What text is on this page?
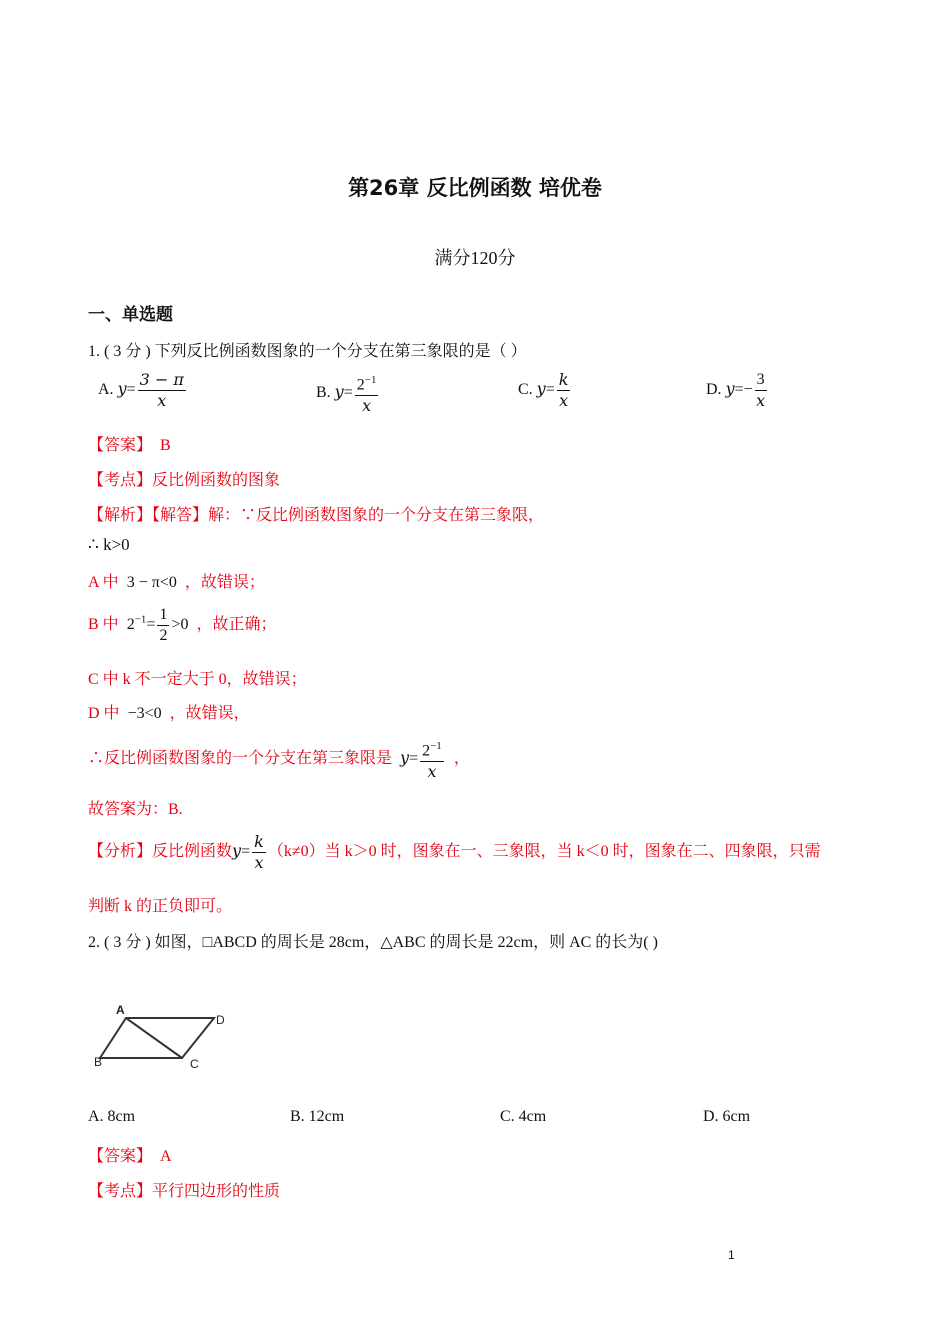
第26章 反比例函数 培优卷
满分120分
一、单选题
1. ( 3 分 ) 下列反比例函数图象的一个分支在第三象限的是（ ）
A. $y= \frac{3 - \pi}{x}$	B. $y= \frac{2^{-1}}{x}$	C. $y= \frac{k}{x}$	D. $y=- \frac{3}{x}$
【答案】 B
【考点】反比例函数的图象
【解析】【解答】解：∵反比例函数图象的一个分支在第三象限，
∴ k>0
A 中 3 − π<0 ，故错误；
B 中 $2^{-1}= \frac{1}{2} >0$ ，故正确；
C 中 k 不一定大于 0，故错误；
D 中 −3<0 ，故错误，
∴反比例函数图象的一个分支在第三象限是 $y= \frac{2^{-1}}{x}$ ，
故答案为：B.
【分析】反比例函数$y= \frac{k}{x} (k\ne 0)$当 k＞0 时，图象在一、三象限，当 k＜0 时，图象在二、四象限，只需
判断 k 的正负即可。
2. ( 3 分 ) 如图，□ABCD 的周长是 28cm，△ABC 的周长是 22cm，则 AC 的长为( )
A
D
B	C
A. 8cm	B. 12cm	C. 4cm	D. 6cm
【答案】 A
【考点】平行四边形的性质
1
